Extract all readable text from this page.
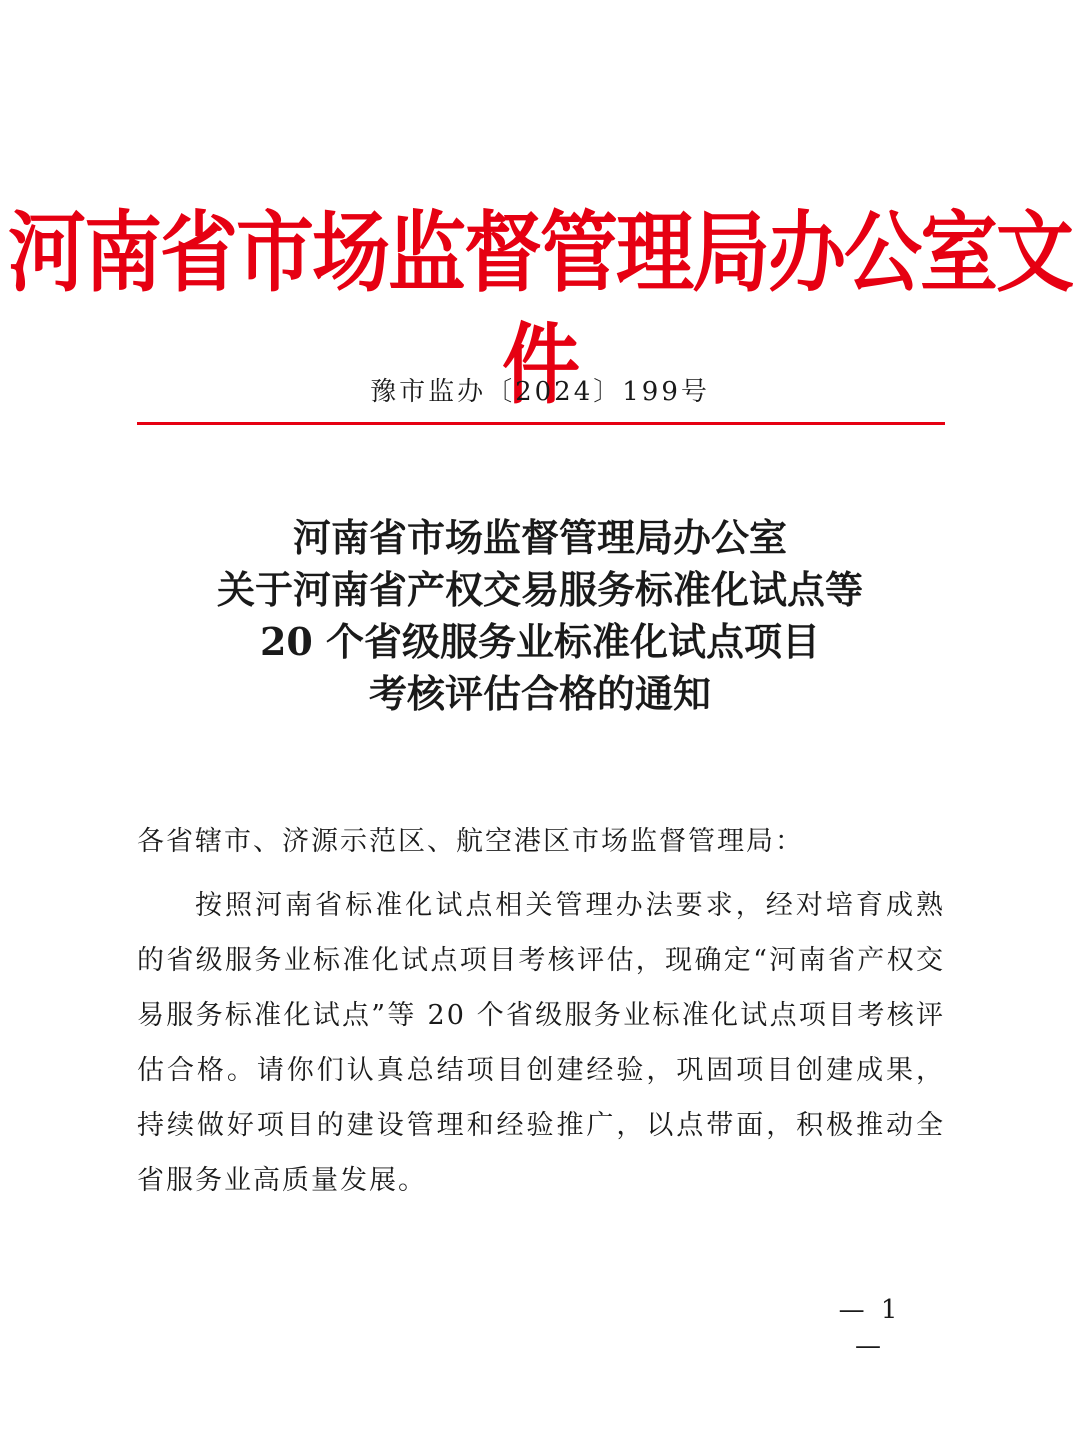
河南省市场监督管理局办公室文件
豫市监办〔2024〕199号
河南省市场监督管理局办公室
关于河南省产权交易服务标准化试点等
20 个省级服务业标准化试点项目
考核评估合格的通知
各省辖市、济源示范区、航空港区市场监督管理局：
按照河南省标准化试点相关管理办法要求，经对培育成熟的省级服务业标准化试点项目考核评估，现确定“河南省产权交易服务标准化试点”等 20 个省级服务业标准化试点项目考核评估合格。请你们认真总结项目创建经验，巩固项目创建成果，持续做好项目的建设管理和经验推广，以点带面，积极推动全省服务业高质量发展。
— 1 —
